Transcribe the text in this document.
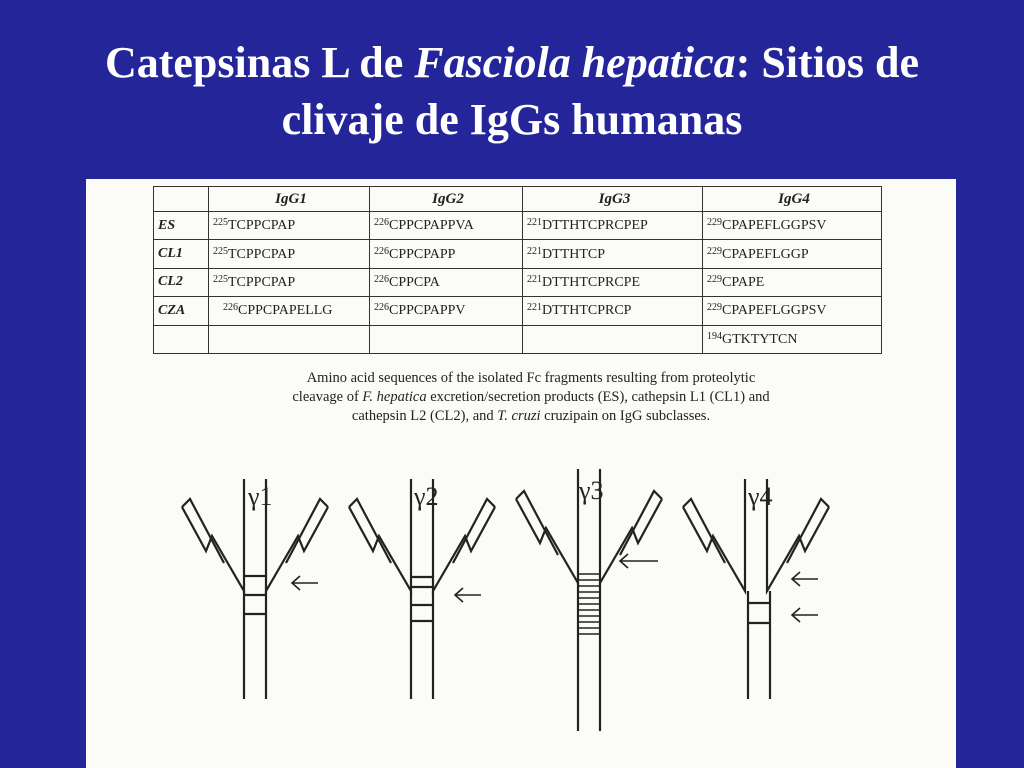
Catepsinas L de Fasciola hepatica: Sitios de
clivaje de IgGs humanas
	IgG1	IgG2	IgG3	IgG4
ES	$^{225}$TCPPCPAP	$^{226}$CPPCPAPPVA	$^{221}$DTTHTCPRCPEP	$^{229}$CPAPEFLGGPSV
CL1	$^{225}$TCPPCPAP	$^{226}$CPPCPAPP	$^{221}$DTTHTCP	$^{229}$CPAPEFLGGP
CL2	$^{225}$TCPPCPAP	$^{226}$CPPCPA	$^{221}$DTTHTCPRCPE	$^{229}$CPAPE
CZA	$^{226}$CPPCPAPELLG	$^{226}$CPPCPAPPV	$^{221}$DTTHTCPRCP	$^{229}$CPAPEFLGGPSV
				$^{194}$GTKTYTCN
Amino acid sequences of the isolated Fc fragments resulting from proteolytic
cleavage of F. hepatica excretion/secretion products (ES), cathepsin L1 (CL1) and
cathepsin L2 (CL2), and T. cruzi cruzipain on IgG subclasses.
γ1	γ2	γ3	γ4
